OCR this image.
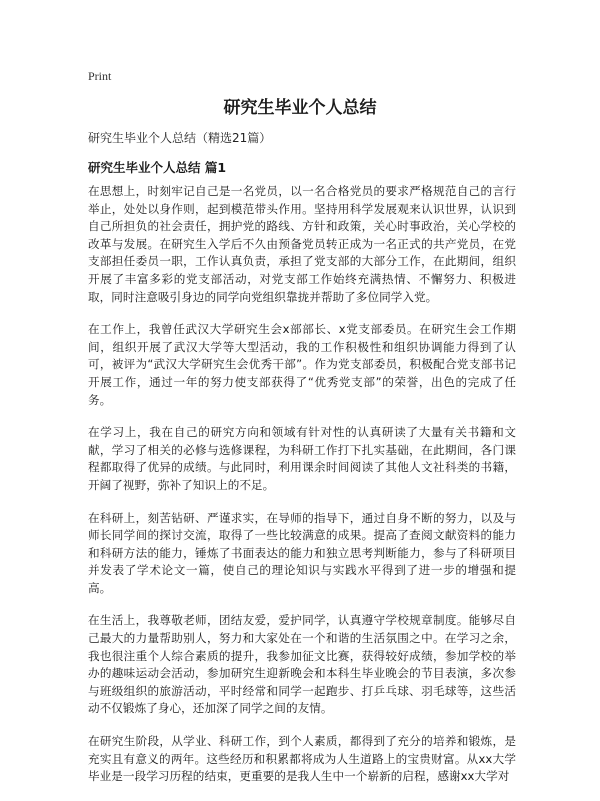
Print
研究生毕业个人总结
研究生毕业个人总结（精选21篇）
研究生毕业个人总结 篇1

在思想上，时刻牢记自己是一名党员，以一名合格党员的要求严格规范自己的言行举止，处处以身作则，起到模范带头作用。坚持用科学发展观来认识世界，认识到自己所担负的社会责任，拥护党的路线、方针和政策，关心时事政治，关心学校的改革与发展。在研究生入学后不久由预备党员转正成为一名正式的共产党员，在党支部担任委员一职，工作认真负责，承担了党支部的大部分工作，在此期间，组织开展了丰富多彩的党支部活动，对党支部工作始终充满热情、不懈努力、积极进取，同时注意吸引身边的同学向党组织靠拢并帮助了多位同学入党。

在工作上，我曾任武汉大学研究生会x部部长、x党支部委员。在研究生会工作期间，组织开展了武汉大学等大型活动，我的工作积极性和组织协调能力得到了认可，被评为“武汉大学研究生会优秀干部”。作为党支部委员，积极配合党支部书记开展工作，通过一年的努力使支部获得了“优秀党支部”的荣誉，出色的完成了任务。

在学习上，我在自己的研究方向和领域有针对性的认真研读了大量有关书籍和文献，学习了相关的必修与选修课程，为科研工作打下扎实基础，在此期间，各门课程都取得了优异的成绩。与此同时，利用课余时间阅读了其他人文社科类的书籍，开阔了视野，弥补了知识上的不足。

在科研上，刻苦钻研、严谨求实，在导师的指导下，通过自身不断的努力，以及与师长同学间的探讨交流，取得了一些比较满意的成果。提高了查阅文献资料的能力和科研方法的能力，锤炼了书面表达的能力和独立思考判断能力，参与了科研项目并发表了学术论文一篇，使自己的理论知识与实践水平得到了进一步的增强和提高。

在生活上，我尊敬老师，团结友爱，爱护同学，认真遵守学校规章制度。能够尽自己最大的力量帮助别人，努力和大家处在一个和谐的生活氛围之中。在学习之余，我也很注重个人综合素质的提升，我参加征文比赛，获得较好成绩，参加学校的举办的趣味运动会活动，参加研究生迎新晚会和本科生毕业晚会的节目表演，多次参与班级组织的旅游活动，平时经常和同学一起跑步、打乒乓球、羽毛球等，这些活动不仅锻炼了身心，还加深了同学之间的友情。

在研究生阶段，从学业、科研工作，到个人素质，都得到了充分的培养和锻炼，是充实且有意义的两年。这些经历和积累都将成为人生道路上的宝贵财富。从xx大学毕业是一段学习历程的结束，更重要的是我人生中一个崭新的启程，感谢xx大学对
